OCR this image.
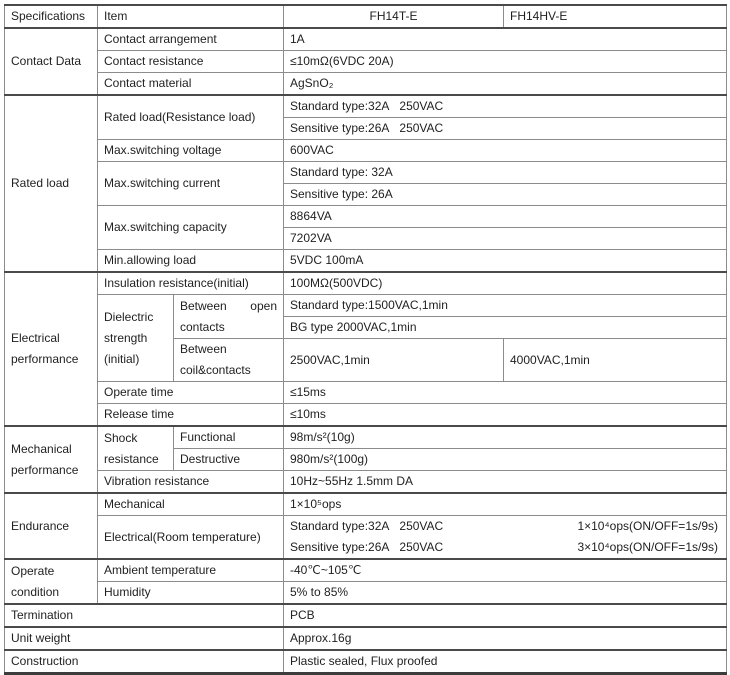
Specifications	Item		FH14T-E	FH14HV-E
Contact Data	Contact arrangement		1A	
	Contact resistance		≤10mΩ(6VDC 20A)	
	Contact material		AgSnO₂	
Rated load	Rated load(Resistance load)		Standard type:32A   250VAC	
			Sensitive type:26A   250VAC	
	Max.switching voltage		600VAC	
	Max.switching current		Standard type: 32A	
			Sensitive type: 26A	
	Max.switching capacity		8864VA	
			7202VA	
	Min.allowing load		5VDC 100mA	
Electrical performance	Insulation resistance(initial)		100MΩ(500VDC)	
	Dielectric strength (initial)	Between open contacts	Standard type:1500VAC,1min	
			BG type 2000VAC,1min	
		Between coil&contacts	2500VAC,1min	4000VAC,1min
	Operate time		≤15ms	
	Release time		≤10ms	
Mechanical performance	Shock resistance	Functional	98m/s²(10g)	
		Destructive	980m/s²(100g)	
	Vibration resistance		10Hz~55Hz 1.5mm DA	
Endurance	Mechanical		1×10⁵ops	
	Electrical(Room temperature)		Standard type:32A   250VAC 1×10⁴ops(ON/OFF=1s/9s)
Sensitive type:26A   250VAC 3×10⁴ops(ON/OFF=1s/9s)	

Operate condition	Ambient temperature		-40℃~105℃	
	Humidity		5% to 85%	
Termination			PCB	
Unit weight			Approx.16g	
Construction			Plastic sealed, Flux proofed	
